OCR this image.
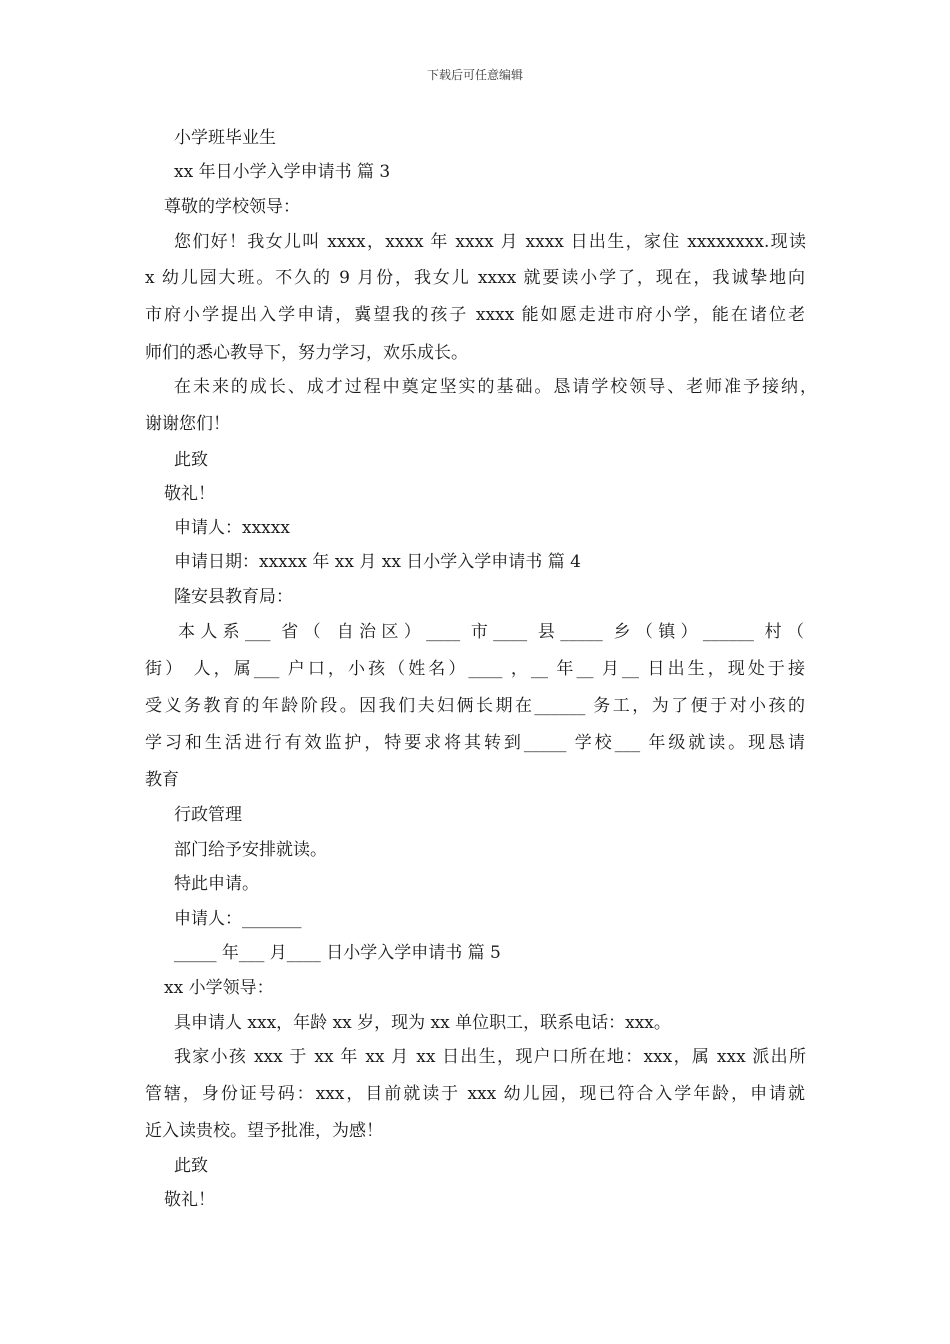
下载后可任意编辑
小学班毕业生
xx 年日小学入学申请书 篇 3
尊敬的学校领导：
您们好！我女儿叫 xxxx，xxxx 年 xxxx 月 xxxx 日出生，家住 xxxxxxxx.现读
x 幼儿园大班。不久的 9 月份，我女儿 xxxx 就要读小学了，现在，我诚挚地向
市府小学提出入学申请，冀望我的孩子 xxxx 能如愿走进市府小学，能在诸位老
师们的悉心教导下，努力学习，欢乐成长。
在未来的成长、成才过程中奠定坚实的基础。恳请学校领导、老师准予接纳，
谢谢您们！
此致
敬礼！
申请人：xxxxx
申请日期：xxxxx 年 xx 月 xx 日小学入学申请书 篇 4
隆安县教育局：
本人系___ 省（ 自治区）____ 市____ 县_____ 乡（镇）______ 村（
街） 人，属___ 户口，小孩（姓名）____ ，__ 年__ 月__ 日出生，现处于接
受义务教育的年龄阶段。因我们夫妇俩长期在______ 务工，为了便于对小孩的
学习和生活进行有效监护，特要求将其转到_____ 学校___ 年级就读。现恳请
教育
行政管理
部门给予安排就读。
特此申请。
申请人：_______
_____ 年___ 月____ 日小学入学申请书 篇 5
xx 小学领导：
具申请人 xxx，年龄 xx 岁，现为 xx 单位职工，联系电话：xxx。
我家小孩 xxx 于 xx 年 xx 月 xx 日出生，现户口所在地：xxx，属 xxx 派出所
管辖，身份证号码：xxx，目前就读于 xxx 幼儿园，现已符合入学年龄，申请就
近入读贵校。望予批准，为感！
此致
敬礼！
